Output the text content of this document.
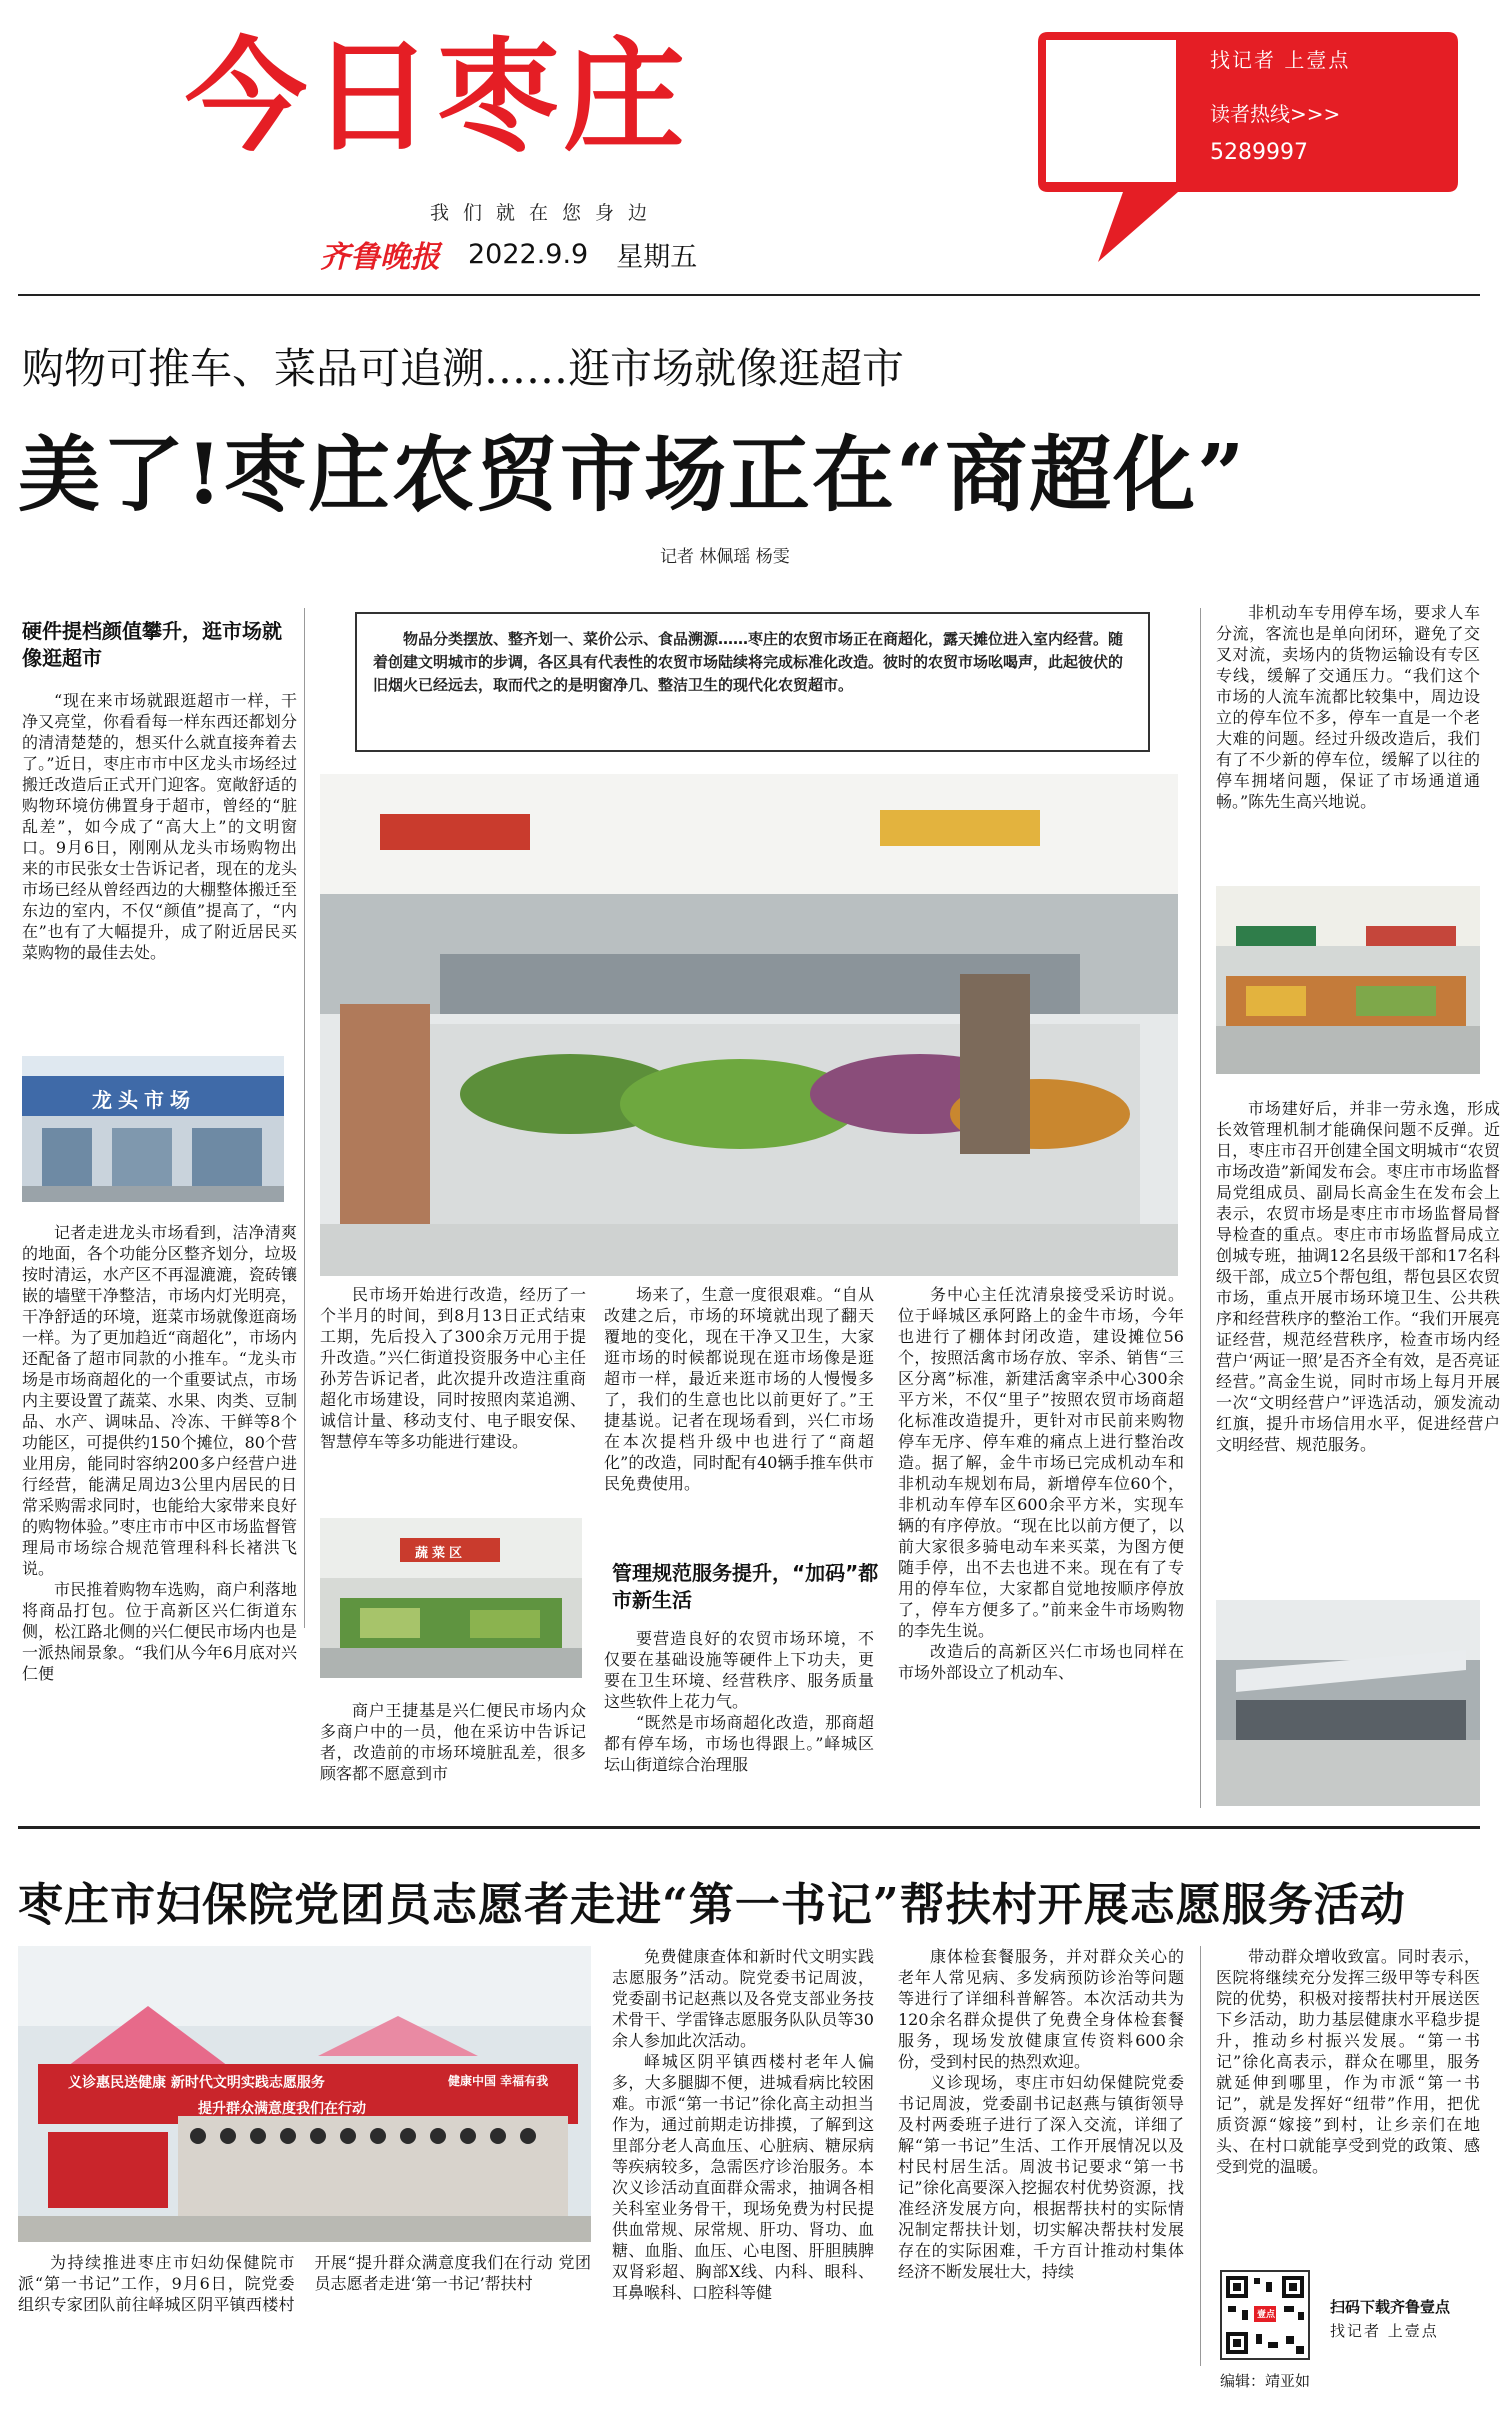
今日枣庄
我们就在您身边
齐鲁晚报 2022.9.9 星期五
找记者 上壹点
读者热线>>>
5289997
购物可推车、菜品可追溯……逛市场就像逛超市
美了!枣庄农贸市场正在“商超化”
记者 林佩瑶 杨雯
物品分类摆放、整齐划一、菜价公示、食品溯源……枣庄的农贸市场正在商超化，露天摊位进入室内经营。随着创建文明城市的步调，各区具有代表性的农贸市场陆续将完成标准化改造。彼时的农贸市场吆喝声，此起彼伏的旧烟火已经远去，取而代之的是明窗净几、整洁卫生的现代化农贸超市。
硬件提档颜值攀升，逛市场就像逛超市

“现在来市场就跟逛超市一样，干净又亮堂，你看看每一样东西还都划分的清清楚楚的，想买什么就直接奔着去了。”近日，枣庄市市中区龙头市场经过搬迁改造后正式开门迎客。宽敞舒适的购物环境仿佛置身于超市，曾经的“脏乱差”，如今成了“高大上”的文明窗口。9月6日，刚刚从龙头市场购物出来的市民张女士告诉记者，现在的龙头市场已经从曾经西边的大棚整体搬迁至东边的室内，不仅“颜值”提高了，“内在”也有了大幅提升，成了附近居民买菜购物的最佳去处。

龙头市场

记者走进龙头市场看到，洁净清爽的地面，各个功能分区整齐划分，垃圾按时清运，水产区不再湿漉漉，瓷砖镶嵌的墙壁干净整洁，市场内灯光明亮，干净舒适的环境，逛菜市场就像逛商场一样。为了更加趋近“商超化”，市场内还配备了超市同款的小推车。“龙头市场是市场商超化的一个重要试点，市场内主要设置了蔬菜、水果、肉类、豆制品、水产、调味品、冷冻、干鲜等8个功能区，可提供约150个摊位，80个营业用房，能同时容纳200多户经营户进行经营，能满足周边3公里内居民的日常采购需求同时，也能给大家带来良好的购物体验。”枣庄市市中区市场监督管理局市场综合规范管理科科长褚洪飞说。

市民推着购物车选购，商户利落地将商品打包。位于高新区兴仁街道东侧，松江路北侧的兴仁便民市场内也是一派热闹景象。“我们从今年6月底对兴仁便

民市场开始进行改造，经历了一个半月的时间，到8月13日正式结束工期，先后投入了300余万元用于提升改造。”兴仁街道投资服务中心主任孙芳告诉记者，此次提升改造注重商超化市场建设，同时按照肉菜追溯、诚信计量、移动支付、电子眼安保、智慧停车等多功能进行建设。

蔬菜区

商户王捷基是兴仁便民市场内众多商户中的一员，他在采访中告诉记者，改造前的市场环境脏乱差，很多顾客都不愿意到市

场来了，生意一度很艰难。“自从改建之后，市场的环境就出现了翻天覆地的变化，现在干净又卫生，大家逛市场的时候都说现在逛市场像是逛超市一样，最近来逛市场的人慢慢多了，我们的生意也比以前更好了。”王捷基说。记者在现场看到，兴仁市场在本次提档升级中也进行了“商超化”的改造，同时配有40辆手推车供市民免费使用。

管理规范服务提升，“加码”都市新生活

要营造良好的农贸市场环境，不仅要在基础设施等硬件上下功夫，更要在卫生环境、经营秩序、服务质量这些软件上花力气。

“既然是市场商超化改造，那商超都有停车场，市场也得跟上。”峄城区坛山街道综合治理服

务中心主任沈清泉接受采访时说。位于峄城区承阿路上的金牛市场，今年也进行了棚体封闭改造，建设摊位56个，按照活禽市场存放、宰杀、销售“三区分离”标准，新建活禽宰杀中心300余平方米，不仅“里子”按照农贸市场商超化标准改造提升，更针对市民前来购物停车无序、停车难的痛点上进行整治改造。据了解，金牛市场已完成机动车和非机动车规划布局，新增停车位60个，非机动车停车区600余平方米，实现车辆的有序停放。“现在比以前方便了，以前大家很多骑电动车来买菜，为图方便随手停，出不去也进不来。现在有了专用的停车位，大家都自觉地按顺序停放了，停车方便多了。”前来金牛市场购物的李先生说。

改造后的高新区兴仁市场也同样在市场外部设立了机动车、

非机动车专用停车场，要求人车分流，客流也是单向闭环，避免了交叉对流，卖场内的货物运输设有专区专线，缓解了交通压力。“我们这个市场的人流车流都比较集中，周边设立的停车位不多，停车一直是一个老大难的问题。经过升级改造后，我们有了不少新的停车位，缓解了以往的停车拥堵问题，保证了市场通道通畅。”陈先生高兴地说。

市场建好后，并非一劳永逸，形成长效管理机制才能确保问题不反弹。近日，枣庄市召开创建全国文明城市“农贸市场改造”新闻发布会。枣庄市市场监督局党组成员、副局长高金生在发布会上表示，农贸市场是枣庄市市场监督局督导检查的重点。枣庄市市场监督局成立创城专班，抽调12名县级干部和17名科级干部，成立5个帮包组，帮包县区农贸市场，重点开展市场环境卫生、公共秩序和经营秩序的整治工作。“我们开展亮证经营，规范经营秩序，检查市场内经营户‘两证一照’是否齐全有效，是否亮证经营。”高金生说，同时市场上每月开展一次“文明经营户”评选活动，颁发流动红旗，提升市场信用水平，促进经营户文明经营、规范服务。

枣庄市妇保院党团员志愿者走进“第一书记”帮扶村开展志愿服务活动
义诊惠民送健康 新时代文明实践志愿服务
提升群众满意度我们在行动
健康中国 幸福有我

为持续推进枣庄市妇幼保健院市派“第一书记”工作，9月6日，院党委组织专家团队前往峄城区阴平镇西楼村开展“提升群众满意度我们在行动 党团员志愿者走进‘第一书记’帮扶村

免费健康查体和新时代文明实践志愿服务”活动。院党委书记周波，党委副书记赵燕以及各党支部业务技术骨干、学雷锋志愿服务队队员等30余人参加此次活动。

峄城区阴平镇西楼村老年人偏多，大多腿脚不便，进城看病比较困难。市派“第一书记”徐化高主动担当作为，通过前期走访排摸，了解到这里部分老人高血压、心脏病、糖尿病等疾病较多，急需医疗诊治服务。本次义诊活动直面群众需求，抽调各相关科室业务骨干，现场免费为村民提供血常规、尿常规、肝功、肾功、血糖、血脂、血压、心电图、肝胆胰脾双肾彩超、胸部X线、内科、眼科、耳鼻喉科、口腔科等健

康体检套餐服务，并对群众关心的老年人常见病、多发病预防诊治等问题等进行了详细科普解答。本次活动共为120余名群众提供了免费全身体检套餐服务，现场发放健康宣传资料600余份，受到村民的热烈欢迎。

义诊现场，枣庄市妇幼保健院党委书记周波，党委副书记赵燕与镇街领导及村两委班子进行了深入交流，详细了解“第一书记”生活、工作开展情况以及村民村居生活。周波书记要求“第一书记”徐化高要深入挖掘农村优势资源，找准经济发展方向，根据帮扶村的实际情况制定帮扶计划，切实解决帮扶村发展存在的实际困难，千方百计推动村集体经济不断发展壮大，持续

带动群众增收致富。同时表示，医院将继续充分发挥三级甲等专科医院的优势，积极对接帮扶村开展送医下乡活动，助力基层健康水平稳步提升，推动乡村振兴发展。“第一书记”徐化高表示，群众在哪里，服务就延伸到哪里，作为市派“第一书记”，就是发挥好“纽带”作用，把优质资源“嫁接”到村，让乡亲们在地头、在村口就能享受到党的政策、感受到党的温暖。

壹点	扫码下载齐鲁壹点
找记者 上壹点
编辑：靖亚如
